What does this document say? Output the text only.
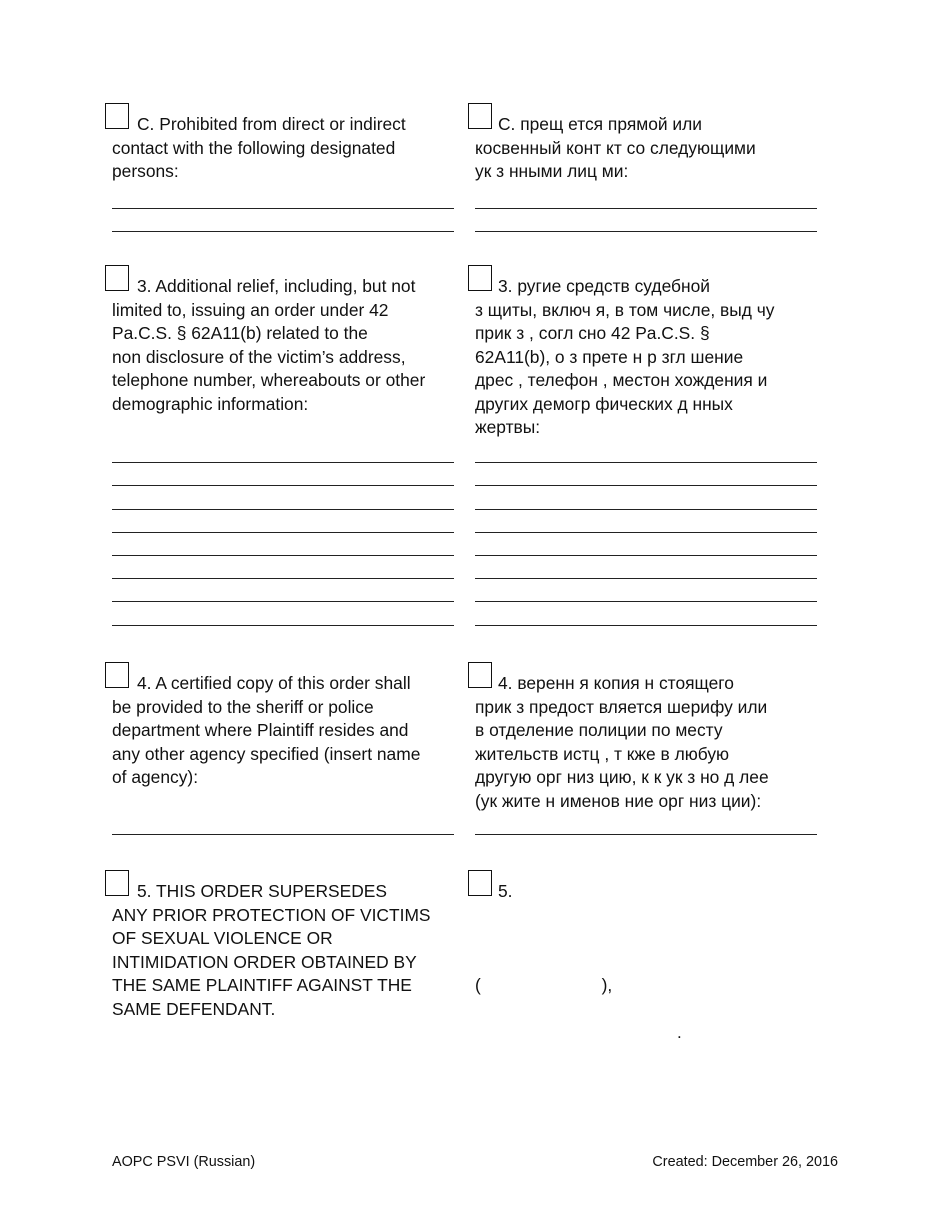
C. Prohibited from direct or indirect
contact with the following designated
persons:

C. прещ ется прямой или
косвенный конт кт со следующими
ук з нными лиц ми:

3. Additional relief, including, but not
limited to, issuing an order under 42
Pa.C.S. § 62A11(b) related to the
non disclosure of the victim’s address,
telephone number, whereabouts or other
demographic information:

3. ругие средств судебной
з щиты, включ я, в том числе, выд чу
прик з , согл сно 42 Pa.C.S. §
62A11(b), о з прете н р згл шение
дрес , телефон , местон хождения и
других демогр фических д нных
жертвы:

4. A certified copy of this order shall
be provided to the sheriff or police
department where Plaintiff resides and
any other agency specified (insert name
of agency):

4. веренн я копия н стоящего
прик з предост вляется шерифу или
в отделение полиции по месту
жительств истц , т кже в любую
другую орг низ цию, к к ук з но д лее
(ук жите н именов ние орг низ ции):

5. THIS ORDER SUPERSEDES
ANY PRIOR PROTECTION OF VICTIMS
OF SEXUAL VIOLENCE OR
INTIMIDATION ORDER OBTAINED BY
THE SAME PLAINTIFF AGAINST THE
SAME DEFENDANT.

5.

(                         ),
.
AOPC PSVI (Russian)	Created: December 26, 2016
